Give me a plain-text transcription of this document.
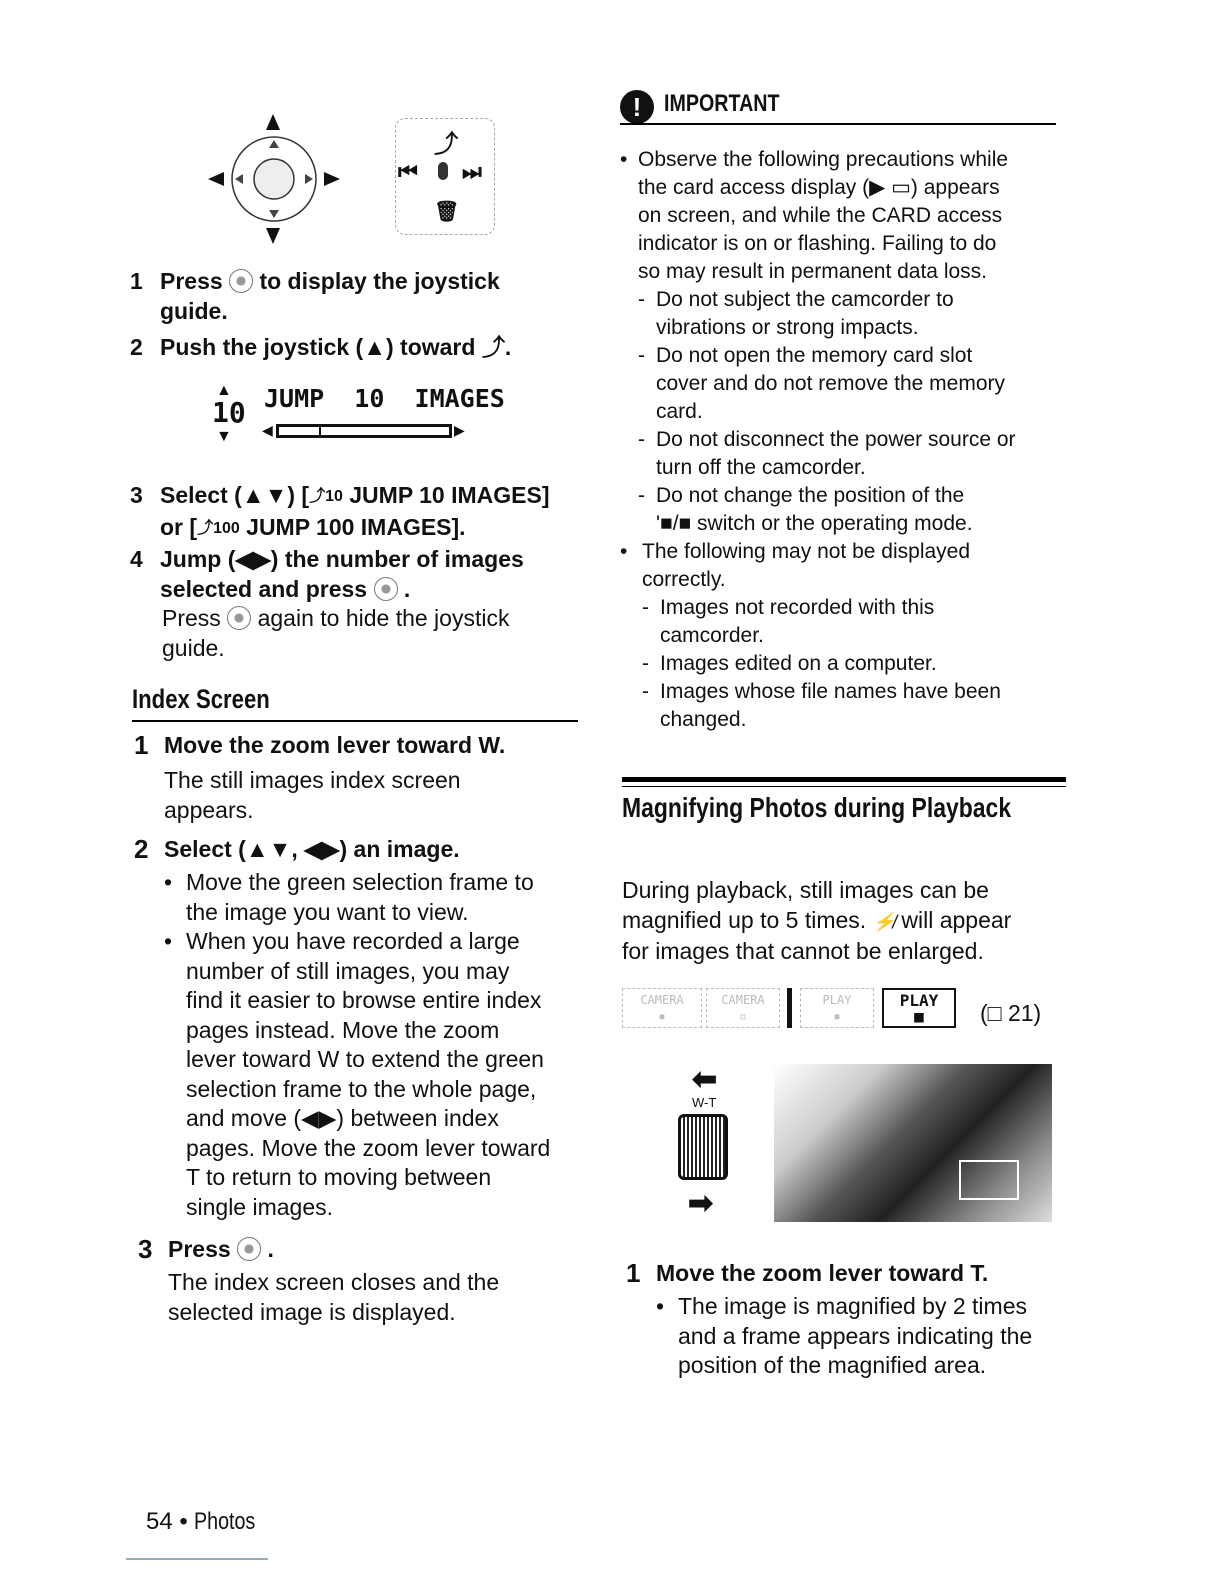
⤴
⏮ ⏭
🗑
1 Press to display the joystick
guide.
2 Push the joystick (▲) toward ⤴.
▲
10
▼
JUMP  10  IMAGES
◀	▶
3 Select (▲▼) [⤴10 JUMP 10 IMAGES]
or [⤴100 JUMP 100 IMAGES].
4 Jump (◀▶) the number of images
selected and press .
Press again to hide the joystick
guide.
Index Screen
1 Move the zoom lever toward W.
The still images index screen
appears.
2 Select (▲▼, ◀▶) an image.
• Move the green selection frame to
the image you want to view.
• When you have recorded a large
number of still images, you may
find it easier to browse entire index
pages instead. Move the zoom
lever toward W to extend the green
selection frame to the whole page,
and move (◀▶) between index
pages. Move the zoom lever toward
T to return to moving between
single images.
3 Press .
The index screen closes and the
selected image is displayed.
54 • Photos
! IMPORTANT
• Observe the following precautions while
the card access display (▶ ▭) appears
on screen, and while the CARD access
indicator is on or flashing. Failing to do
so may result in permanent data loss.
- Do not subject the camcorder to
vibrations or strong impacts.
- Do not open the memory card slot
cover and do not remove the memory
card.
- Do not disconnect the power source or
turn off the camcorder.
- Do not change the position of the
'■/■ switch or the operating mode.
• The following may not be displayed
correctly.
- Images not recorded with this
camcorder.
- Images edited on a computer.
- Images whose file names have been
changed.
Magnifying Photos during Playback
During playback, still images can be
magnified up to 5 times. ⚡̸ will appear
for images that cannot be enlarged.
CAMERA
▪
CAMERA
▫
PLAY
▪
PLAY
■	(□ 21)
⬅
W-T
➡
1 Move the zoom lever toward T.
• The image is magnified by 2 times
and a frame appears indicating the
position of the magnified area.
